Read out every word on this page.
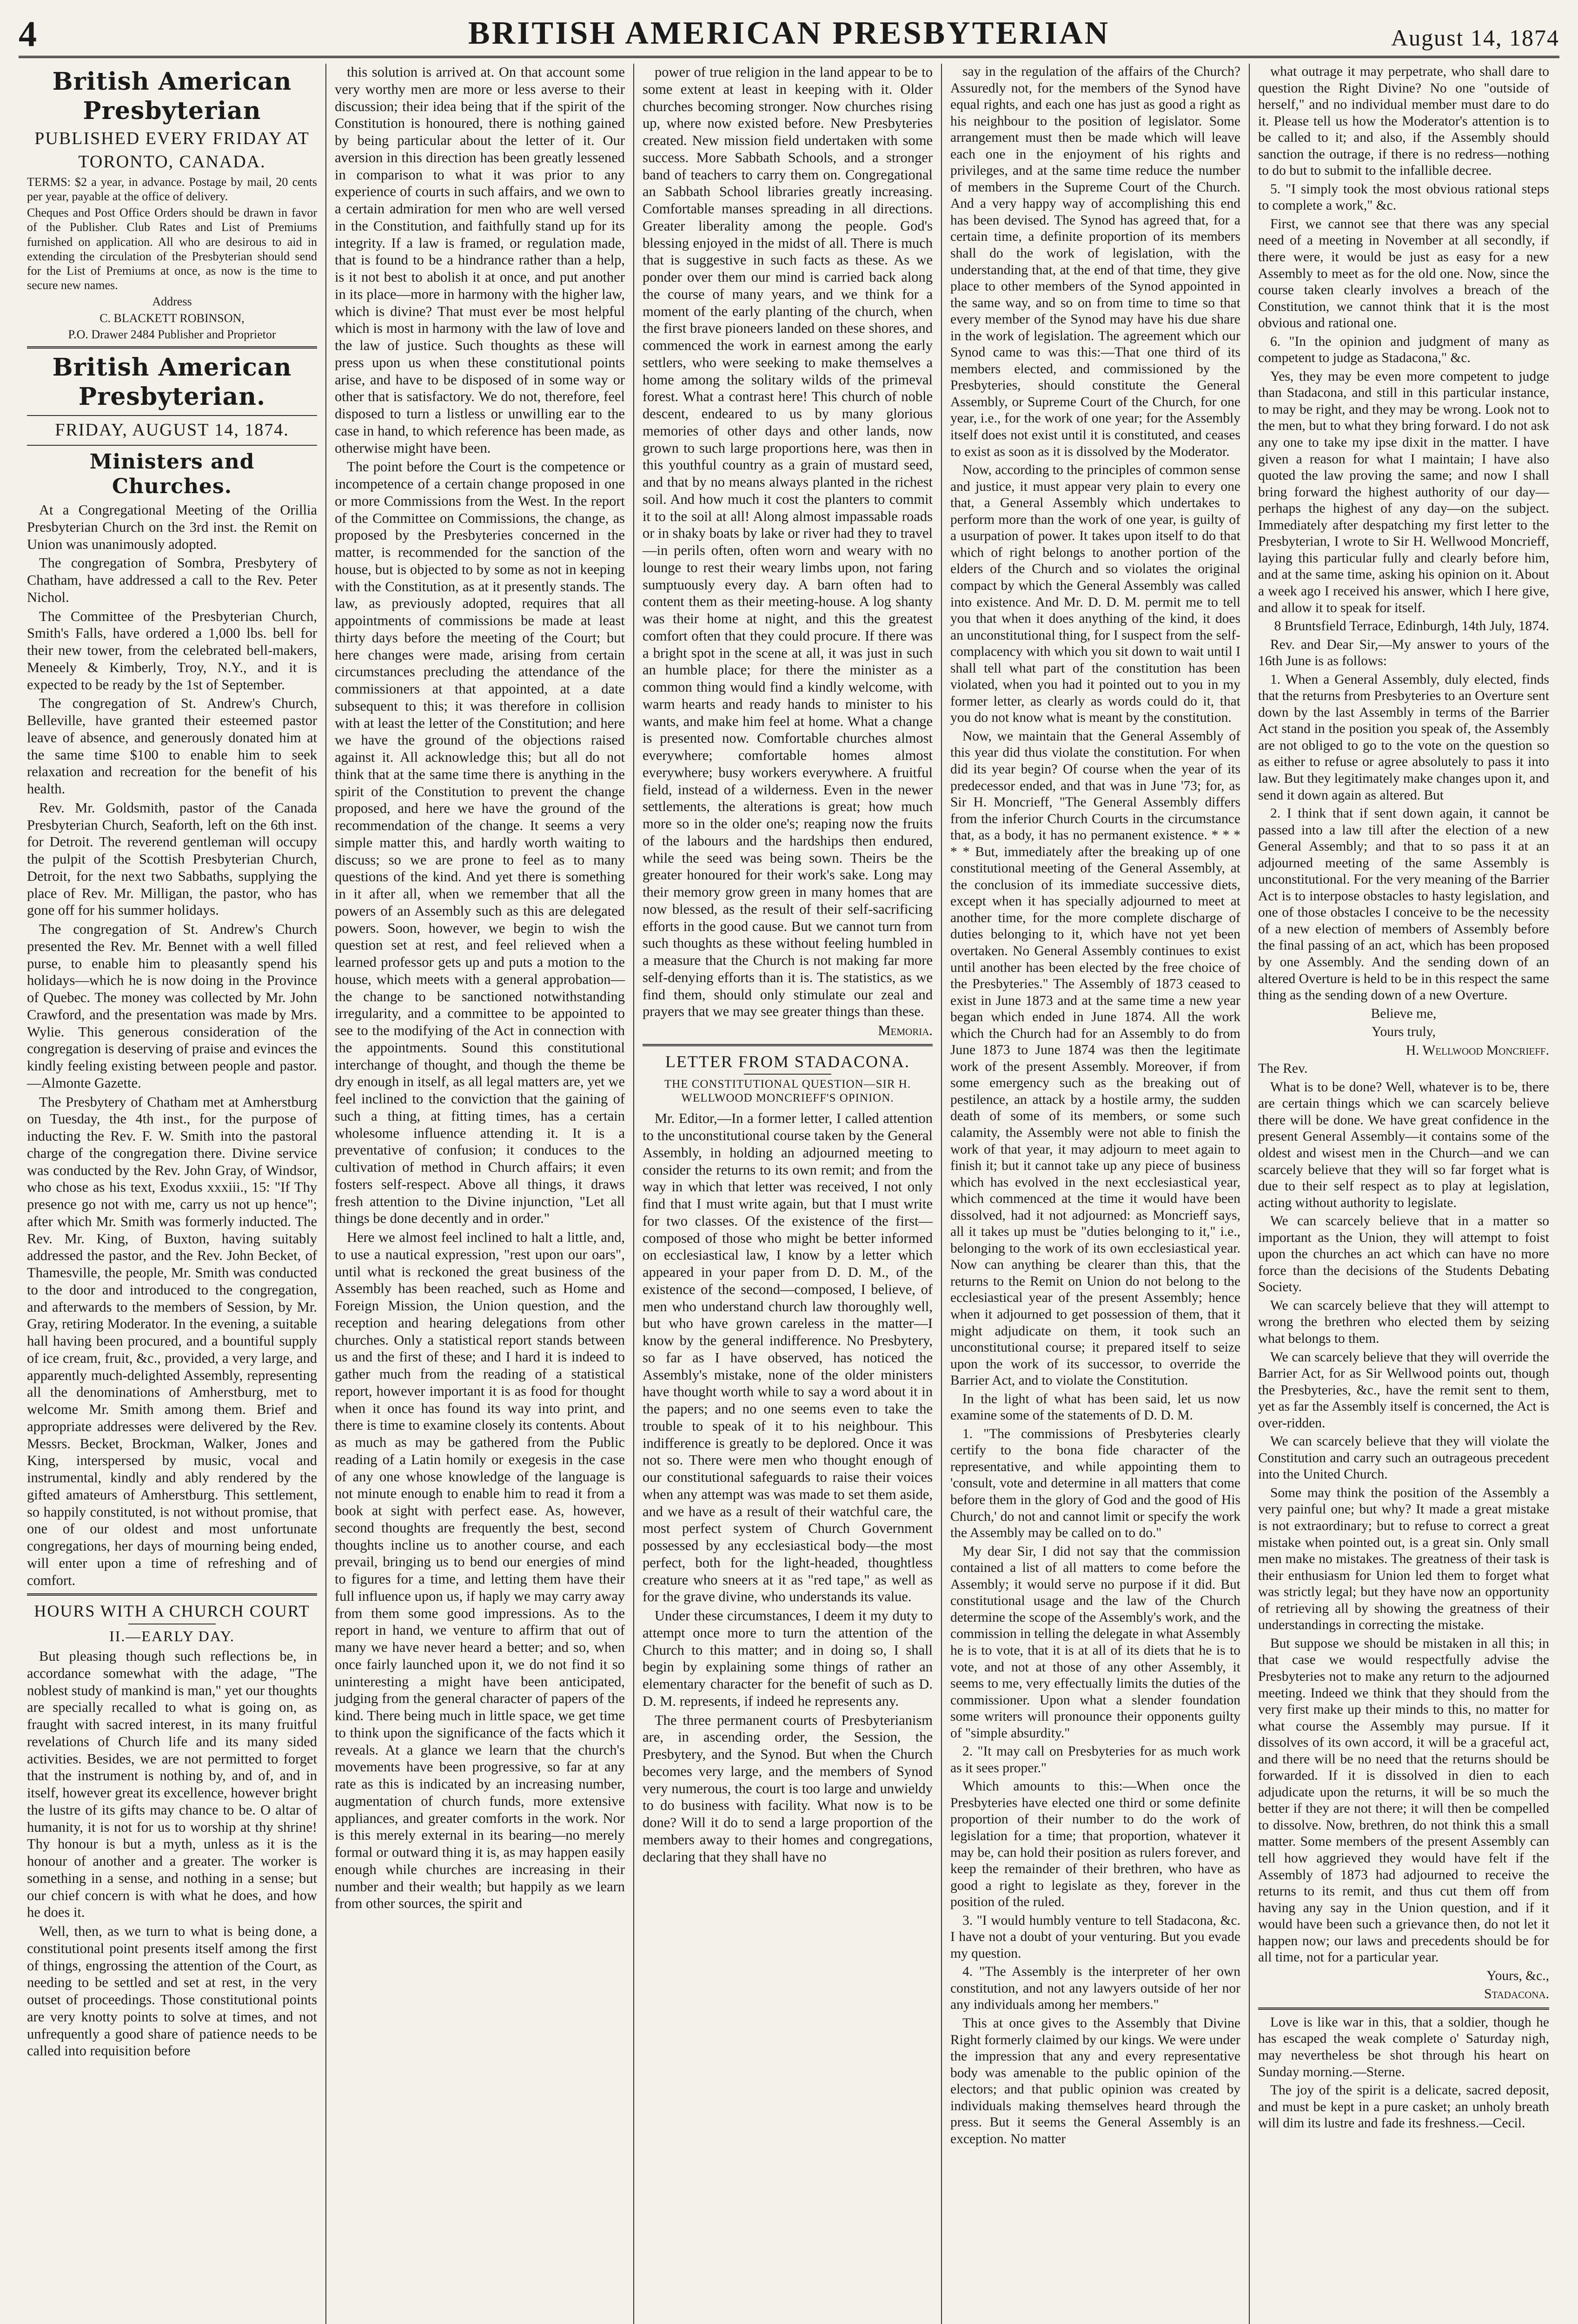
4	BRITISH AMERICAN PRESBYTERIAN	August 14, 1874
British American Presbyterian
PUBLISHED EVERY FRIDAY AT
TORONTO, CANADA.

TERMS: $2 a year, in advance. Postage by mail, 20 cents per year, payable at the office of delivery.

Cheques and Post Office Orders should be drawn in favor of the Publisher. Club Rates and List of Premiums furnished on application. All who are desirous to aid in extending the circulation of the Presbyterian should send for the List of Premiums at once, as now is the time to secure new names.

Address

C. BLACKETT ROBINSON,

P.O. Drawer 2484 Publisher and Proprietor

British American Presbyterian.
FRIDAY, AUGUST 14, 1874.
Ministers and Churches.

At a Congregational Meeting of the Orillia Presbyterian Church on the 3rd inst. the Remit on Union was unanimously adopted.

The congregation of Sombra, Presbytery of Chatham, have addressed a call to the Rev. Peter Nichol.

The Committee of the Presbyterian Church, Smith's Falls, have ordered a 1,000 lbs. bell for their new tower, from the celebrated bell-makers, Meneely & Kimberly, Troy, N.Y., and it is expected to be ready by the 1st of September.

The congregation of St. Andrew's Church, Belleville, have granted their esteemed pastor leave of absence, and generously donated him at the same time $100 to enable him to seek relaxation and recreation for the benefit of his health.

Rev. Mr. Goldsmith, pastor of the Canada Presbyterian Church, Seaforth, left on the 6th inst. for Detroit. The reverend gentleman will occupy the pulpit of the Scottish Presbyterian Church, Detroit, for the next two Sabbaths, supplying the place of Rev. Mr. Milligan, the pastor, who has gone off for his summer holidays.

The congregation of St. Andrew's Church presented the Rev. Mr. Bennet with a well filled purse, to enable him to pleasantly spend his holidays—which he is now doing in the Province of Quebec. The money was collected by Mr. John Crawford, and the presentation was made by Mrs. Wylie. This generous consideration of the congregation is deserving of praise and evinces the kindly feeling existing between people and pastor.—Almonte Gazette.

The Presbytery of Chatham met at Amherstburg on Tuesday, the 4th inst., for the purpose of inducting the Rev. F. W. Smith into the pastoral charge of the congregation there. Divine service was conducted by the Rev. John Gray, of Windsor, who chose as his text, Exodus xxxiii., 15: "If Thy presence go not with me, carry us not up hence"; after which Mr. Smith was formerly inducted. The Rev. Mr. King, of Buxton, having suitably addressed the pastor, and the Rev. John Becket, of Thamesville, the people, Mr. Smith was conducted to the door and introduced to the congregation, and afterwards to the members of Session, by Mr. Gray, retiring Moderator. In the evening, a suitable hall having been procured, and a bountiful supply of ice cream, fruit, &c., provided, a very large, and apparently much-delighted Assembly, representing all the denominations of Amherstburg, met to welcome Mr. Smith among them. Brief and appropriate addresses were delivered by the Rev. Messrs. Becket, Brockman, Walker, Jones and King, interspersed by music, vocal and instrumental, kindly and ably rendered by the gifted amateurs of Amherstburg. This settlement, so happily constituted, is not without promise, that one of our oldest and most unfortunate congregations, her days of mourning being ended, will enter upon a time of refreshing and of comfort.

HOURS WITH A CHURCH COURT
II.—EARLY DAY.

But pleasing though such reflections be, in accordance somewhat with the adage, "The noblest study of mankind is man," yet our thoughts are specially recalled to what is going on, as fraught with sacred interest, in its many fruitful revelations of Church life and its many sided activities. Besides, we are not permitted to forget that the instrument is nothing by, and of, and in itself, however great its excellence, however bright the lustre of its gifts may chance to be. O altar of humanity, it is not for us to worship at thy shrine! Thy honour is but a myth, unless as it is the honour of another and a greater. The worker is something in a sense, and nothing in a sense; but our chief concern is with what he does, and how he does it.

Well, then, as we turn to what is being done, a constitutional point presents itself among the first of things, engrossing the attention of the Court, as needing to be settled and set at rest, in the very outset of proceedings. Those constitutional points are very knotty points to solve at times, and not unfrequently a good share of patience needs to be called into requisition before

this solution is arrived at. On that account some very worthy men are more or less averse to their discussion; their idea being that if the spirit of the Constitution is honoured, there is nothing gained by being particular about the letter of it. Our aversion in this direction has been greatly lessened in comparison to what it was prior to any experience of courts in such affairs, and we own to a certain admiration for men who are well versed in the Constitution, and faithfully stand up for its integrity. If a law is framed, or regulation made, that is found to be a hindrance rather than a help, is it not best to abolish it at once, and put another in its place—more in harmony with the higher law, which is divine? That must ever be most helpful which is most in harmony with the law of love and the law of justice. Such thoughts as these will press upon us when these constitutional points arise, and have to be disposed of in some way or other that is satisfactory. We do not, therefore, feel disposed to turn a listless or unwilling ear to the case in hand, to which reference has been made, as otherwise might have been.

The point before the Court is the competence or incompetence of a certain change proposed in one or more Commissions from the West. In the report of the Committee on Commissions, the change, as proposed by the Presbyteries concerned in the matter, is recommended for the sanction of the house, but is objected to by some as not in keeping with the Constitution, as at it presently stands. The law, as previously adopted, requires that all appointments of commissions be made at least thirty days before the meeting of the Court; but here changes were made, arising from certain circumstances precluding the attendance of the commissioners at that appointed, at a date subsequent to this; it was therefore in collision with at least the letter of the Constitution; and here we have the ground of the objections raised against it. All acknowledge this; but all do not think that at the same time there is anything in the spirit of the Constitution to prevent the change proposed, and here we have the ground of the recommendation of the change. It seems a very simple matter this, and hardly worth waiting to discuss; so we are prone to feel as to many questions of the kind. And yet there is something in it after all, when we remember that all the powers of an Assembly such as this are delegated powers. Soon, however, we begin to wish the question set at rest, and feel relieved when a learned professor gets up and puts a motion to the house, which meets with a general approbation—the change to be sanctioned notwithstanding irregularity, and a committee to be appointed to see to the modifying of the Act in connection with the appointments. Sound this constitutional interchange of thought, and though the theme be dry enough in itself, as all legal matters are, yet we feel inclined to the conviction that the gaining of such a thing, at fitting times, has a certain wholesome influence attending it. It is a preventative of confusion; it conduces to the cultivation of method in Church affairs; it even fosters self-respect. Above all things, it draws fresh attention to the Divine injunction, "Let all things be done decently and in order."

Here we almost feel inclined to halt a little, and, to use a nautical expression, "rest upon our oars", until what is reckoned the great business of the Assembly has been reached, such as Home and Foreign Mission, the Union question, and the reception and hearing delegations from other churches. Only a statistical report stands between us and the first of these; and I hard it is indeed to gather much from the reading of a statistical report, however important it is as food for thought when it once has found its way into print, and there is time to examine closely its contents. About as much as may be gathered from the Public reading of a Latin homily or exegesis in the case of any one whose knowledge of the language is not minute enough to enable him to read it from a book at sight with perfect ease. As, however, second thoughts are frequently the best, second thoughts incline us to another course, and each prevail, bringing us to bend our energies of mind to figures for a time, and letting them have their full influence upon us, if haply we may carry away from them some good impressions. As to the report in hand, we venture to affirm that out of many we have never heard a better; and so, when once fairly launched upon it, we do not find it so uninteresting a might have been anticipated, judging from the general character of papers of the kind. There being much in little space, we get time to think upon the significance of the facts which it reveals. At a glance we learn that the church's movements have been progressive, so far at any rate as this is indicated by an increasing number, augmentation of church funds, more extensive appliances, and greater comforts in the work. Nor is this merely external in its bearing—no merely formal or outward thing it is, as may happen easily enough while churches are increasing in their number and their wealth; but happily as we learn from other sources, the spirit and

power of true religion in the land appear to be to some extent at least in keeping with it. Older churches becoming stronger. Now churches rising up, where now existed before. New Presbyteries created. New mission field undertaken with some success. More Sabbath Schools, and a stronger band of teachers to carry them on. Congregational an Sabbath School libraries greatly increasing. Comfortable manses spreading in all directions. Greater liberality among the people. God's blessing enjoyed in the midst of all. There is much that is suggestive in such facts as these. As we ponder over them our mind is carried back along the course of many years, and we think for a moment of the early planting of the church, when the first brave pioneers landed on these shores, and commenced the work in earnest among the early settlers, who were seeking to make themselves a home among the solitary wilds of the primeval forest. What a contrast here! This church of noble descent, endeared to us by many glorious memories of other days and other lands, now grown to such large proportions here, was then in this youthful country as a grain of mustard seed, and that by no means always planted in the richest soil. And how much it cost the planters to commit it to the soil at all! Along almost impassable roads or in shaky boats by lake or river had they to travel—in perils often, often worn and weary with no lounge to rest their weary limbs upon, not faring sumptuously every day. A barn often had to content them as their meeting-house. A log shanty was their home at night, and this the greatest comfort often that they could procure. If there was a bright spot in the scene at all, it was just in such an humble place; for there the minister as a common thing would find a kindly welcome, with warm hearts and ready hands to minister to his wants, and make him feel at home. What a change is presented now. Comfortable churches almost everywhere; comfortable homes almost everywhere; busy workers everywhere. A fruitful field, instead of a wilderness. Even in the newer settlements, the alterations is great; how much more so in the older one's; reaping now the fruits of the labours and the hardships then endured, while the seed was being sown. Theirs be the greater honoured for their work's sake. Long may their memory grow green in many homes that are now blessed, as the result of their self-sacrificing efforts in the good cause. But we cannot turn from such thoughts as these without feeling humbled in a measure that the Church is not making far more self-denying efforts than it is. The statistics, as we find them, should only stimulate our zeal and prayers that we may see greater things than these.

Memoria.

LETTER FROM STADACONA.
THE CONSTITUTIONAL QUESTION—SIR H. WELLWOOD MONCRIEFF'S OPINION.

Mr. Editor,—In a former letter, I called attention to the unconstitutional course taken by the General Assembly, in holding an adjourned meeting to consider the returns to its own remit; and from the way in which that letter was received, I not only find that I must write again, but that I must write for two classes. Of the existence of the first—composed of those who might be better informed on ecclesiastical law, I know by a letter which appeared in your paper from D. D. M., of the existence of the second—composed, I believe, of men who understand church law thoroughly well, but who have grown careless in the matter—I know by the general indifference. No Presbytery, so far as I have observed, has noticed the Assembly's mistake, none of the older ministers have thought worth while to say a word about it in the papers; and no one seems even to take the trouble to speak of it to his neighbour. This indifference is greatly to be deplored. Once it was not so. There were men who thought enough of our constitutional safeguards to raise their voices when any attempt was was made to set them aside, and we have as a result of their watchful care, the most perfect system of Church Government possessed by any ecclesiastical body—the most perfect, both for the light-headed, thoughtless creature who sneers at it as "red tape," as well as for the grave divine, who understands its value.

Under these circumstances, I deem it my duty to attempt once more to turn the attention of the Church to this matter; and in doing so, I shall begin by explaining some things of rather an elementary character for the benefit of such as D. D. M. represents, if indeed he represents any.

The three permanent courts of Presbyterianism are, in ascending order, the Session, the Presbytery, and the Synod. But when the Church becomes very large, and the members of Synod very numerous, the court is too large and unwieldy to do business with facility. What now is to be done? Will it do to send a large proportion of the members away to their homes and congregations, declaring that they shall have no

say in the regulation of the affairs of the Church? Assuredly not, for the members of the Synod have equal rights, and each one has just as good a right as his neighbour to the position of legislator. Some arrangement must then be made which will leave each one in the enjoyment of his rights and privileges, and at the same time reduce the number of members in the Supreme Court of the Church. And a very happy way of accomplishing this end has been devised. The Synod has agreed that, for a certain time, a definite proportion of its members shall do the work of legislation, with the understanding that, at the end of that time, they give place to other members of the Synod appointed in the same way, and so on from time to time so that every member of the Synod may have his due share in the work of legislation. The agreement which our Synod came to was this:—That one third of its members elected, and commissioned by the Presbyteries, should constitute the General Assembly, or Supreme Court of the Church, for one year, i.e., for the work of one year; for the Assembly itself does not exist until it is constituted, and ceases to exist as soon as it is dissolved by the Moderator.

Now, according to the principles of common sense and justice, it must appear very plain to every one that, a General Assembly which undertakes to perform more than the work of one year, is guilty of a usurpation of power. It takes upon itself to do that which of right belongs to another portion of the elders of the Church and so violates the original compact by which the General Assembly was called into existence. And Mr. D. D. M. permit me to tell you that when it does anything of the kind, it does an unconstitutional thing, for I suspect from the self-complacency with which you sit down to wait until I shall tell what part of the constitution has been violated, when you had it pointed out to you in my former letter, as clearly as words could do it, that you do not know what is meant by the constitution.

Now, we maintain that the General Assembly of this year did thus violate the constitution. For when did its year begin? Of course when the year of its predecessor ended, and that was in June '73; for, as Sir H. Moncrieff, "The General Assembly differs from the inferior Church Courts in the circumstance that, as a body, it has no permanent existence. * * * * * But, immediately after the breaking up of one constitutional meeting of the General Assembly, at the conclusion of its immediate successive diets, except when it has specially adjourned to meet at another time, for the more complete discharge of duties belonging to it, which have not yet been overtaken. No General Assembly continues to exist until another has been elected by the free choice of the Presbyteries." The Assembly of 1873 ceased to exist in June 1873 and at the same time a new year began which ended in June 1874. All the work which the Church had for an Assembly to do from June 1873 to June 1874 was then the legitimate work of the present Assembly. Moreover, if from some emergency such as the breaking out of pestilence, an attack by a hostile army, the sudden death of some of its members, or some such calamity, the Assembly were not able to finish the work of that year, it may adjourn to meet again to finish it; but it cannot take up any piece of business which has evolved in the next ecclesiastical year, which commenced at the time it would have been dissolved, had it not adjourned: as Moncrieff says, all it takes up must be "duties belonging to it," i.e., belonging to the work of its own ecclesiastical year. Now can anything be clearer than this, that the returns to the Remit on Union do not belong to the ecclesiastical year of the present Assembly; hence when it adjourned to get possession of them, that it might adjudicate on them, it took such an unconstitutional course; it prepared itself to seize upon the work of its successor, to override the Barrier Act, and to violate the Constitution.

In the light of what has been said, let us now examine some of the statements of D. D. M.

1. "The commissions of Presbyteries clearly certify to the bona fide character of the representative, and while appointing them to 'consult, vote and determine in all matters that come before them in the glory of God and the good of His Church,' do not and cannot limit or specify the work the Assembly may be called on to do."

My dear Sir, I did not say that the commission contained a list of all matters to come before the Assembly; it would serve no purpose if it did. But constitutional usage and the law of the Church determine the scope of the Assembly's work, and the commission in telling the delegate in what Assembly he is to vote, that it is at all of its diets that he is to vote, and not at those of any other Assembly, it seems to me, very effectually limits the duties of the commissioner. Upon what a slender foundation some writers will pronounce their opponents guilty of "simple absurdity."

2. "It may call on Presbyteries for as much work as it sees proper."

Which amounts to this:—When once the Presbyteries have elected one third or some definite proportion of their number to do the work of legislation for a time; that proportion, whatever it may be, can hold their position as rulers forever, and keep the remainder of their brethren, who have as good a right to legislate as they, forever in the position of the ruled.

3. "I would humbly venture to tell Stadacona, &c. I have not a doubt of your venturing. But you evade my question.

4. "The Assembly is the interpreter of her own constitution, and not any lawyers outside of her nor any individuals among her members."

This at once gives to the Assembly that Divine Right formerly claimed by our kings. We were under the impression that any and every representative body was amenable to the public opinion of the electors; and that public opinion was created by individuals making themselves heard through the press. But it seems the General Assembly is an exception. No matter

what outrage it may perpetrate, who shall dare to question the Right Divine? No one "outside of herself," and no individual member must dare to do it. Please tell us how the Moderator's attention is to be called to it; and also, if the Assembly should sanction the outrage, if there is no redress—nothing to do but to submit to the infallible decree.

5. "I simply took the most obvious rational steps to complete a work," &c.

First, we cannot see that there was any special need of a meeting in November at all secondly, if there were, it would be just as easy for a new Assembly to meet as for the old one. Now, since the course taken clearly involves a breach of the Constitution, we cannot think that it is the most obvious and rational one.

6. "In the opinion and judgment of many as competent to judge as Stadacona," &c.

Yes, they may be even more competent to judge than Stadacona, and still in this particular instance, to may be right, and they may be wrong. Look not to the men, but to what they bring forward. I do not ask any one to take my ipse dixit in the matter. I have given a reason for what I maintain; I have also quoted the law proving the same; and now I shall bring forward the highest authority of our day—perhaps the highest of any day—on the subject. Immediately after despatching my first letter to the Presbyterian, I wrote to Sir H. Wellwood Moncrieff, laying this particular fully and clearly before him, and at the same time, asking his opinion on it. About a week ago I received his answer, which I here give, and allow it to speak for itself.

8 Bruntsfield Terrace, Edinburgh, 14th July, 1874.

Rev. and Dear Sir,—My answer to yours of the 16th June is as follows:

1. When a General Assembly, duly elected, finds that the returns from Presbyteries to an Overture sent down by the last Assembly in terms of the Barrier Act stand in the position you speak of, the Assembly are not obliged to go to the vote on the question so as either to refuse or agree absolutely to pass it into law. But they legitimately make changes upon it, and send it down again as altered. But

2. I think that if sent down again, it cannot be passed into a law till after the election of a new General Assembly; and that to so pass it at an adjourned meeting of the same Assembly is unconstitutional. For the very meaning of the Barrier Act is to interpose obstacles to hasty legislation, and one of those obstacles I conceive to be the necessity of a new election of members of Assembly before the final passing of an act, which has been proposed by one Assembly. And the sending down of an altered Overture is held to be in this respect the same thing as the sending down of a new Overture.

Believe me,

Yours truly,

H. Wellwood Moncrieff.

The Rev.

What is to be done? Well, whatever is to be, there are certain things which we can scarcely believe there will be done. We have great confidence in the present General Assembly—it contains some of the oldest and wisest men in the Church—and we can scarcely believe that they will so far forget what is due to their self respect as to play at legislation, acting without authority to legislate.

We can scarcely believe that in a matter so important as the Union, they will attempt to foist upon the churches an act which can have no more force than the decisions of the Students Debating Society.

We can scarcely believe that they will attempt to wrong the brethren who elected them by seizing what belongs to them.

We can scarcely believe that they will override the Barrier Act, for as Sir Wellwood points out, though the Presbyteries, &c., have the remit sent to them, yet as far the Assembly itself is concerned, the Act is over-ridden.

We can scarcely believe that they will violate the Constitution and carry such an outrageous precedent into the United Church.

Some may think the position of the Assembly a very painful one; but why? It made a great mistake is not extraordinary; but to refuse to correct a great mistake when pointed out, is a great sin. Only small men make no mistakes. The greatness of their task is their enthusiasm for Union led them to forget what was strictly legal; but they have now an opportunity of retrieving all by showing the greatness of their understandings in correcting the mistake.

But suppose we should be mistaken in all this; in that case we would respectfully advise the Presbyteries not to make any return to the adjourned meeting. Indeed we think that they should from the very first make up their minds to this, no matter for what course the Assembly may pursue. If it dissolves of its own accord, it will be a graceful act, and there will be no need that the returns should be forwarded. If it is dissolved in dien to each adjudicate upon the returns, it will be so much the better if they are not there; it will then be compelled to dissolve. Now, brethren, do not think this a small matter. Some members of the present Assembly can tell how aggrieved they would have felt if the Assembly of 1873 had adjourned to receive the returns to its remit, and thus cut them off from having any say in the Union question, and if it would have been such a grievance then, do not let it happen now; our laws and precedents should be for all time, not for a particular year.

Yours, &c.,

Stadacona.

Love is like war in this, that a soldier, though he has escaped the weak complete o' Saturday nigh, may nevertheless be shot through his heart on Sunday morning.—Sterne.

The joy of the spirit is a delicate, sacred deposit, and must be kept in a pure casket; an unholy breath will dim its lustre and fade its freshness.—Cecil.
